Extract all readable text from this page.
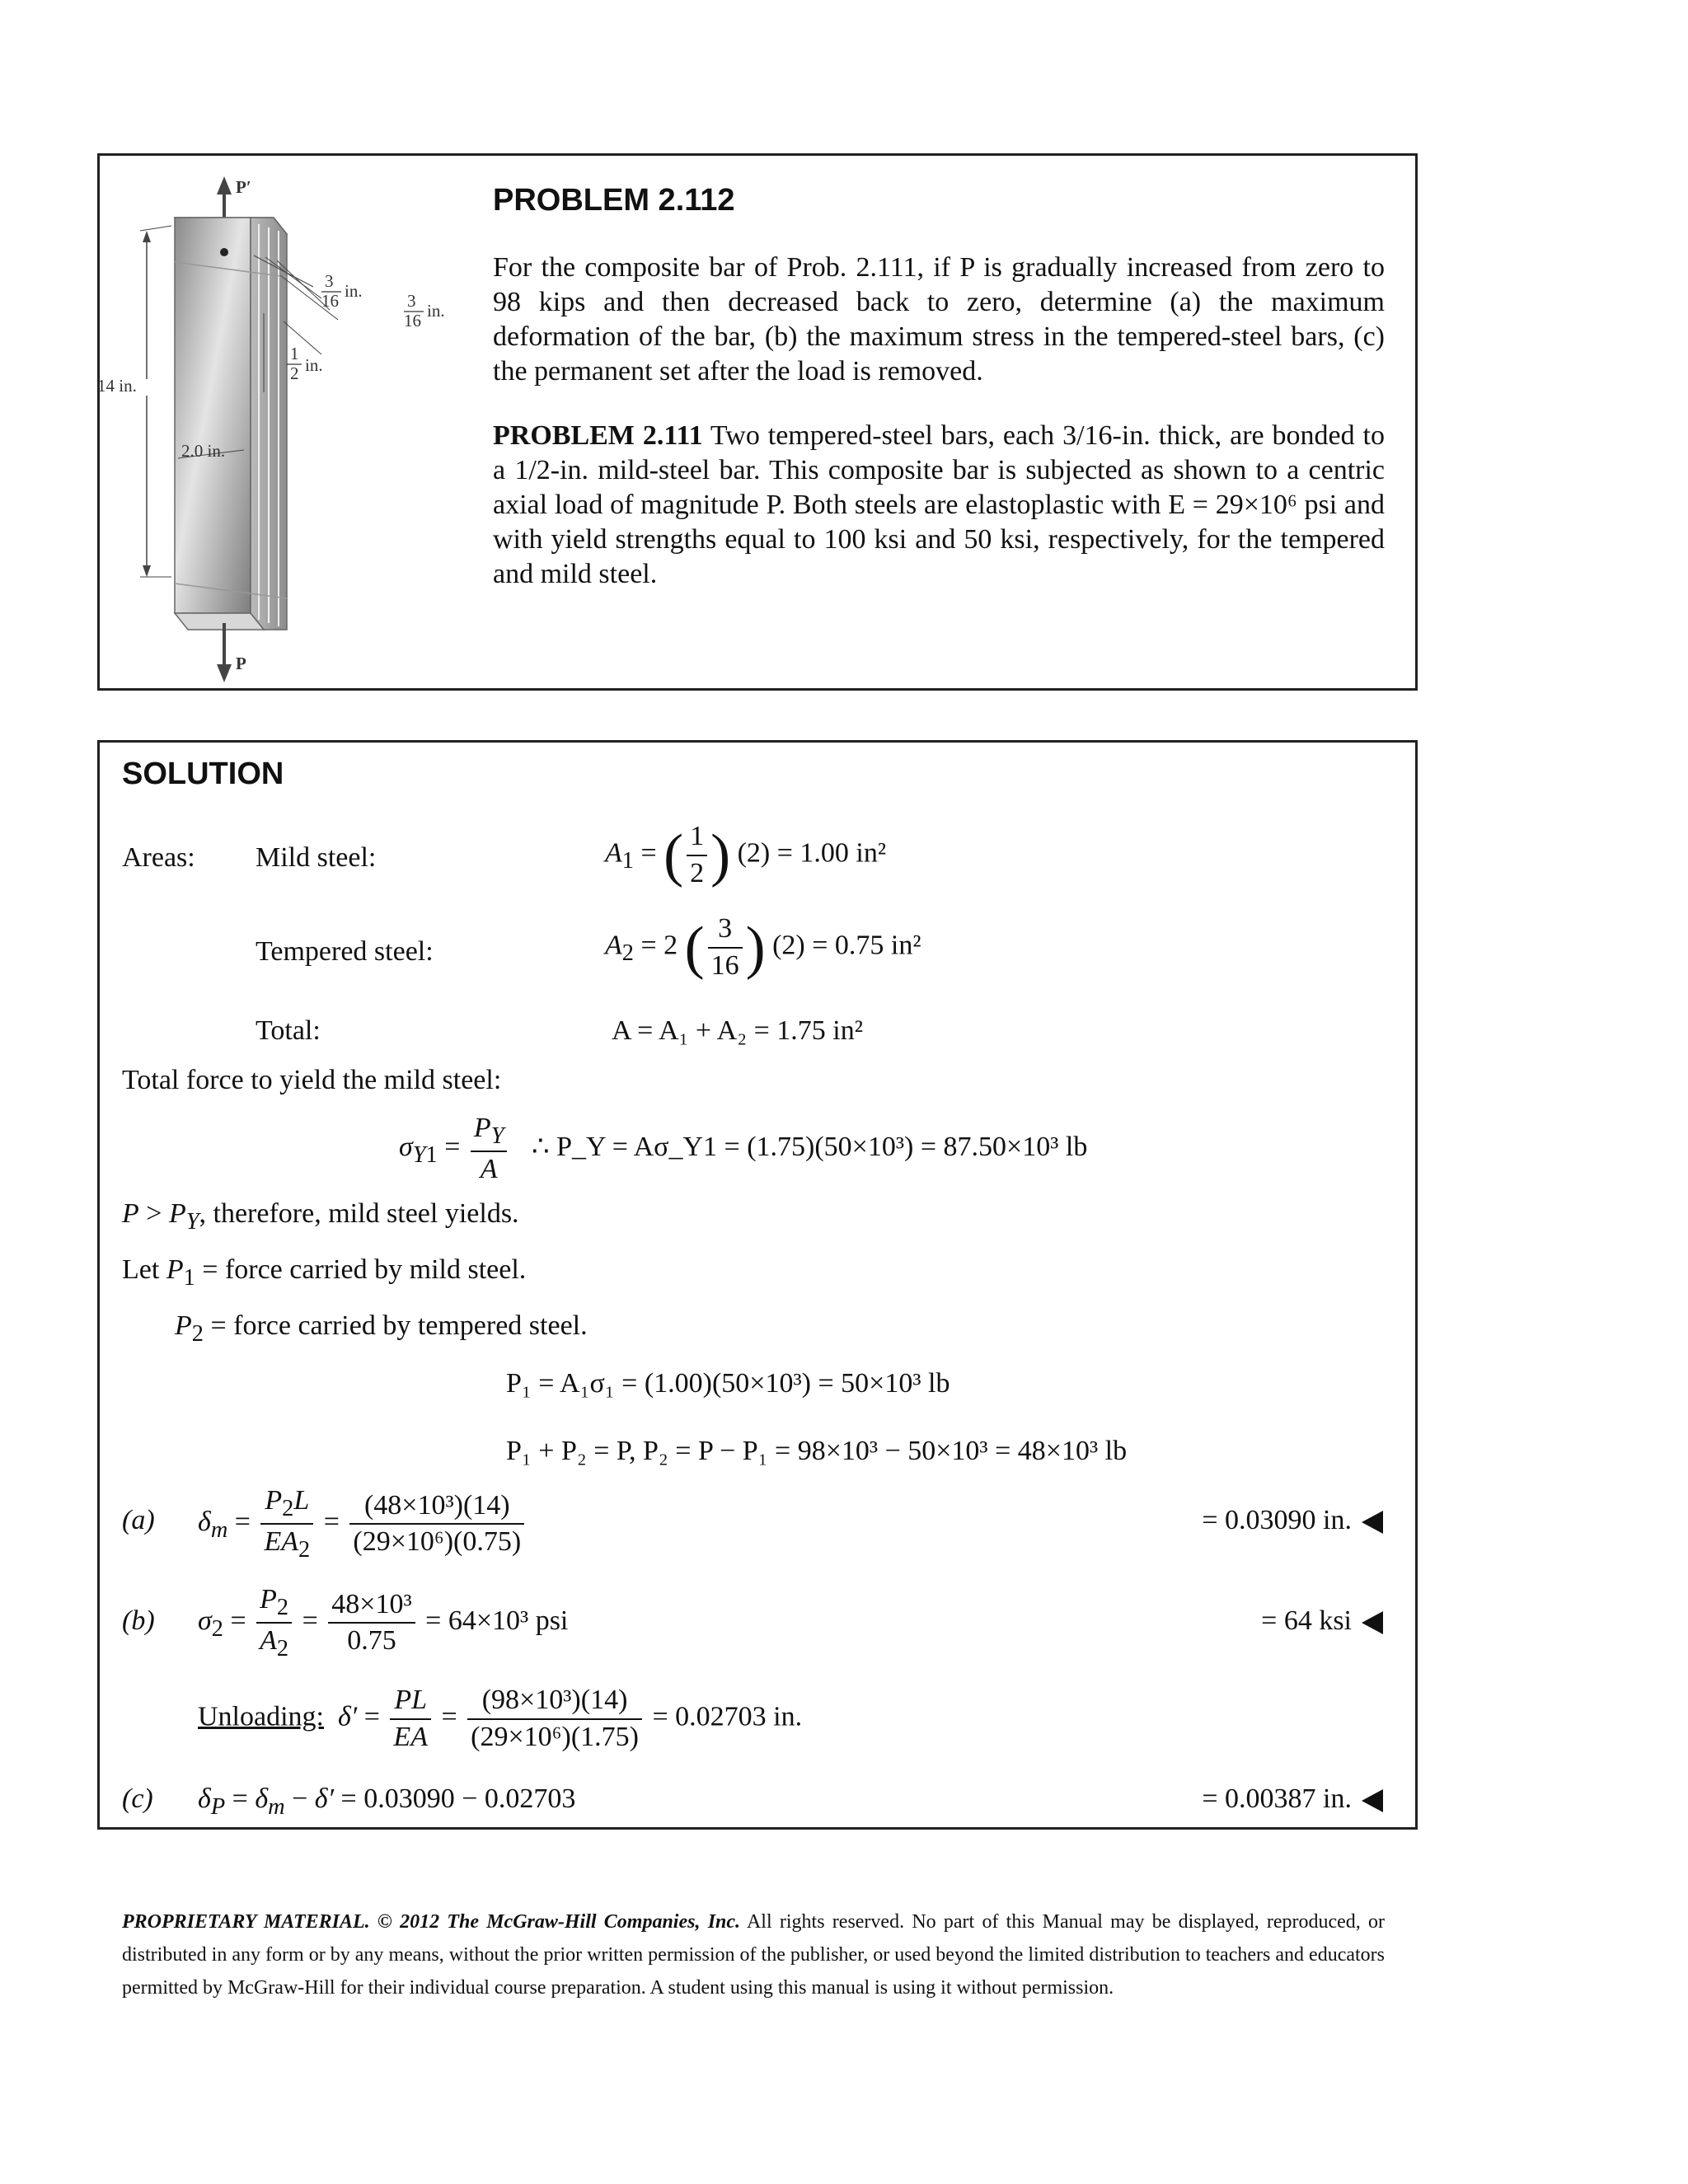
P′
P
14 in.
2.0 in.
3
16 in.	3
16 in.
1
2 in.
PROBLEM 2.112
For the composite bar of Prob. 2.111, if P is gradually increased from zero to 98 kips and then decreased back to zero, determine (a) the maximum deformation of the bar, (b) the maximum stress in the tempered-steel bars, (c) the permanent set after the load is removed.
PROBLEM 2.111 Two tempered-steel bars, each 3/16-in. thick, are bonded to a 1/2-in. mild-steel bar. This composite bar is subjected as shown to a centric axial load of magnitude P. Both steels are elastoplastic with E = 29×10⁶ psi and with yield strengths equal to 100 ksi and 50 ksi, respectively, for the tempered and mild steel.
SOLUTION
Areas: Mild steel:	$A_1$ = ( $\frac{1}{2}$ ) (2) = 1.00 in²
Tempered steel:	$A_2 = 2$ ( $\frac{3}{16}$ ) (2) = 0.75 in²
Total:	A = A₁ + A₂ = 1.75 in²
Total force to yield the mild steel:
$\sigma_{Y1} = \frac{P_Y}{A}$ ∴ P_Y = Aσ_Y1 = (1.75)(50×10³) = 87.50×10³ lb
$P > P_Y$, therefore, mild steel yields.
Let $P_1$ = force carried by mild steel.
$P_2$ = force carried by tempered steel.
P₁ = A₁σ₁ = (1.00)(50×10³) = 50×10³ lb
P₁ + P₂ = P, P₂ = P − P₁ = 98×10³ − 50×10³ = 48×10³ lb
(a) $\delta_m = \frac{P_2L}{EA_2} = \frac{\text{(48×10³)(14)}}{\text{(29×10⁶)(0.75)}}$	= 0.03090 in.
(b) $\sigma_2 = \frac{P_2}{A_2} = \frac{\text{48×10³}}{0.75} = 64\times 10^3$ psi	= 64 ksi
Unloading: $\delta' = \frac{PL}{EA} = \frac{\text{(98×10³)(14)}}{\text{(29×10⁶)(1.75)}} = 0.02703$ in.
(c) $\delta_P = \delta_m - \delta' = 0.03090 - 0.02703$	= 0.00387 in.
PROPRIETARY MATERIAL. © 2012 The McGraw-Hill Companies, Inc. All rights reserved. No part of this Manual may be displayed, reproduced, or distributed in any form or by any means, without the prior written permission of the publisher, or used beyond the limited distribution to teachers and educators permitted by McGraw-Hill for their individual course preparation. A student using this manual is using it without permission.
